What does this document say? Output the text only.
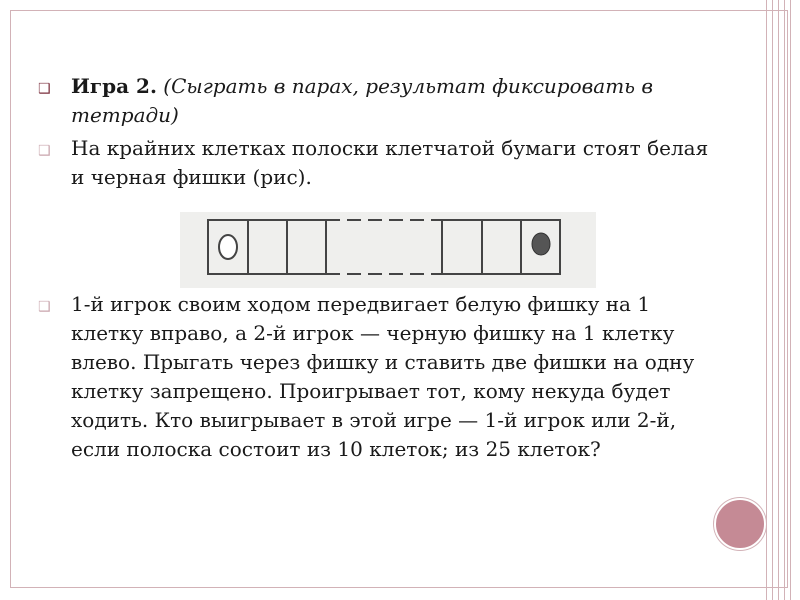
❑ Игра 2. (Сыграть в парах, результат фиксировать в тетради)
❑ На крайних клетках полоски клетчатой бумаги стоят белая и черная фишки (рис).
❑ 1-й игрок своим ходом передвигает белую фишку на 1 клетку вправо, а 2-й игрок — черную фишку на 1 клетку влево. Прыгать через фишку и ставить две фишки на одну клетку запрещено. Проигрывает тот, кому некуда будет ходить. Кто выигрывает в этой игре — 1-й игрок или 2-й, если полоска состоит из 10 клеток; из 25 клеток?
